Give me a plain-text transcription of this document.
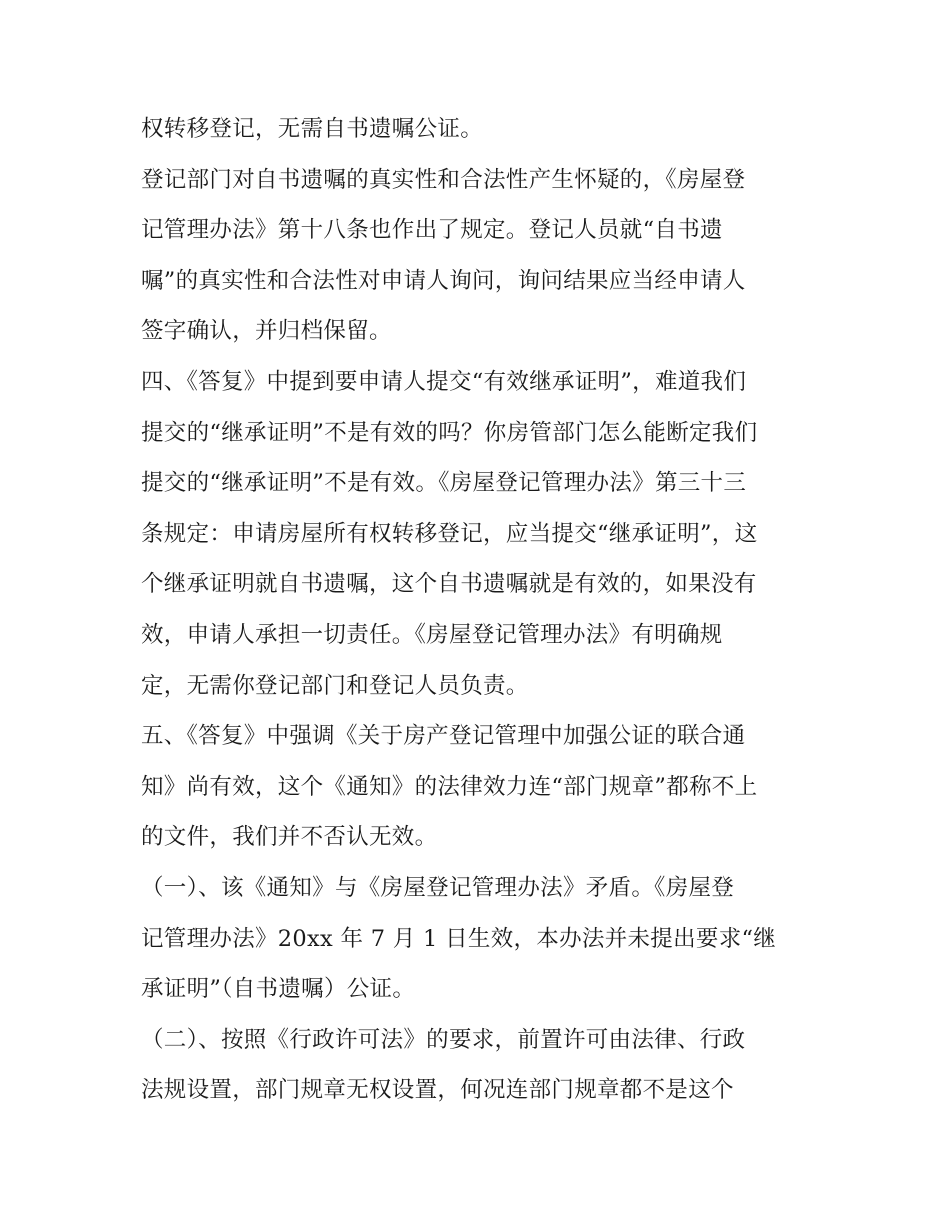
权转移登记，无需自书遗嘱公证。
登记部门对自书遗嘱的真实性和合法性产生怀疑的，《房屋登
记管理办法》第十八条也作出了规定。登记人员就“自书遗
嘱”的真实性和合法性对申请人询问，询问结果应当经申请人
签字确认，并归档保留。
四、《答复》中提到要申请人提交“有效继承证明”，难道我们
提交的“继承证明”不是有效的吗？你房管部门怎么能断定我们
提交的“继承证明”不是有效。《房屋登记管理办法》第三十三
条规定：申请房屋所有权转移登记，应当提交“继承证明”，这
个继承证明就自书遗嘱，这个自书遗嘱就是有效的，如果没有
效，申请人承担一切责任。《房屋登记管理办法》有明确规
定，无需你登记部门和登记人员负责。
五、《答复》中强调《关于房产登记管理中加强公证的联合通
知》尚有效，这个《通知》的法律效力连“部门规章”都称不上
的文件，我们并不否认无效。
（一）、该《通知》与《房屋登记管理办法》矛盾。《房屋登
记管理办法》20xx 年 7 月 1 日生效，本办法并未提出要求“继
承证明”（自书遗嘱）公证。
（二）、按照《行政许可法》的要求，前置许可由法律、行政
法规设置，部门规章无权设置，何况连部门规章都不是这个
